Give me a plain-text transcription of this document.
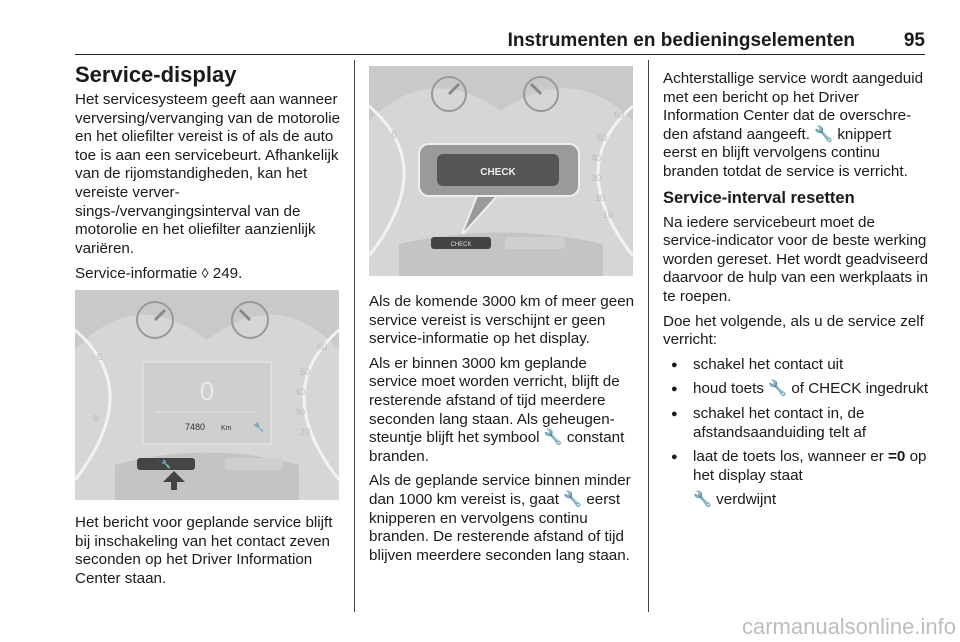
Instrumenten en bedieningselementen	95
Service-display

Het servicesysteem geeft aan wanneer verversing/vervanging van de motorolie en het oliefilter vereist is of als de auto toe is aan een servicebeurt. Afhankelijk van de rijomstandigheden, kan het vereiste verversings-/vervangingsinterval van de motorolie en het oliefilter aanzienlijk variëren.

Service-informatie ◊ 249.

6
8
60
50
40
30
20
0
7480 Km 🔧
🔧

Het bericht voor geplande service blijft bij inschakeling van het contact zeven seconden op het Driver Information Center staan.

6
60
50
40
30
20
10
CHECK
CHECK

Als de komende 3000 km of meer geen service vereist is verschijnt er geen service-informatie op het display.

Als er binnen 3000 km geplande service moet worden verricht, blijft de resterende afstand of tijd meerdere seconden lang staan. Als geheugensteuntje blijft het symbool 🔧 constant branden.

Als de geplande service binnen minder dan 1000 km vereist is, gaat 🔧 eerst knipperen en vervolgens continu branden. De resterende afstand of tijd blijven meerdere seconden lang staan.

Achterstallige service wordt aangeduid met een bericht op het Driver Information Center dat de overschreden afstand aangeeft. 🔧 knippert eerst en blijft vervolgens continu branden totdat de service is verricht.

Service-interval resetten

Na iedere servicebeurt moet de service-indicator voor de beste werking worden gereset. Het wordt geadviseerd daarvoor de hulp van een werkplaats in te roepen.

Doe het volgende, als u de service zelf verricht:

● schakel het contact uit
● houd toets 🔧 of CHECK ingedrukt
● schakel het contact in, de afstandsaanduiding telt af
● laat de toets los, wanneer er =0 op het display staat

🔧 verdwijnt

carmanualsonline.info
